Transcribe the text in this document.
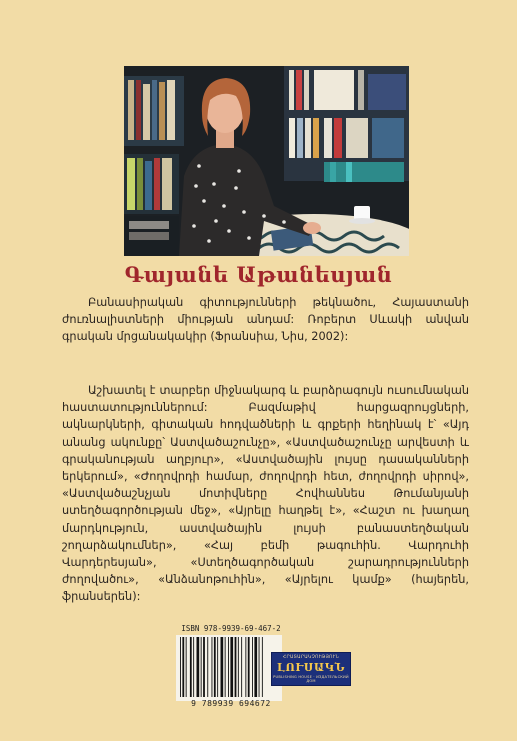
Գայանե Աթանեսյան
Բանասիրական գիտությունների թեկնածու, Հայաստանի ժուռնալիստների միության անդամ: Ռոբերտ Սևակի անվան գրական մրցանակակիր (Ֆրանսիա, Նիս, 2002):
Աշխատել է տարբեր միջնակարգ և բարձրագույն ուսումնական հաստատություններում: Բազմաթիվ հարցազրույցների, ակնարկների, գիտական հոդվածների և գրքերի հեղինակ է՝ «Այդ անանց ակունքը՝ Աստվածաշունչը», «Աստվածաշունչը արվեստի և գրականության աղբյուր», «Աստվածային լույսը դասականների երկերում», «Ժողովրդի համար, ժողովրդի հետ, ժողովրդի սիրով», «Աստվածաշնչյան մոտիվները Հովհաննես Թումանյանի ստեղծագործության մեջ», «Այրելը հաղթել է», «Հաշտ ու խաղաղ մարդկություն, աստվածային լույսի բանաստեղծական շողարձակումներ», «Հայ բեմի թագուհին. Վարդուհի Վարդերեսյան», «Ստեղծագործական շարադրությունների ժողովածու», «Անձանոթուհին», «Այրելու կամք» (հայերեն, ֆրանսերեն):
ISBN 978-9939-69-467-2
9 789939 694672
ՀՐԱՏԱՐԱԿՉՈՒԹՅՈՒՆ
ԼՈՒՍԱԿՆ
PUBLISHING HOUSE · ИЗДАТЕЛЬСКИЙ ДОМ
